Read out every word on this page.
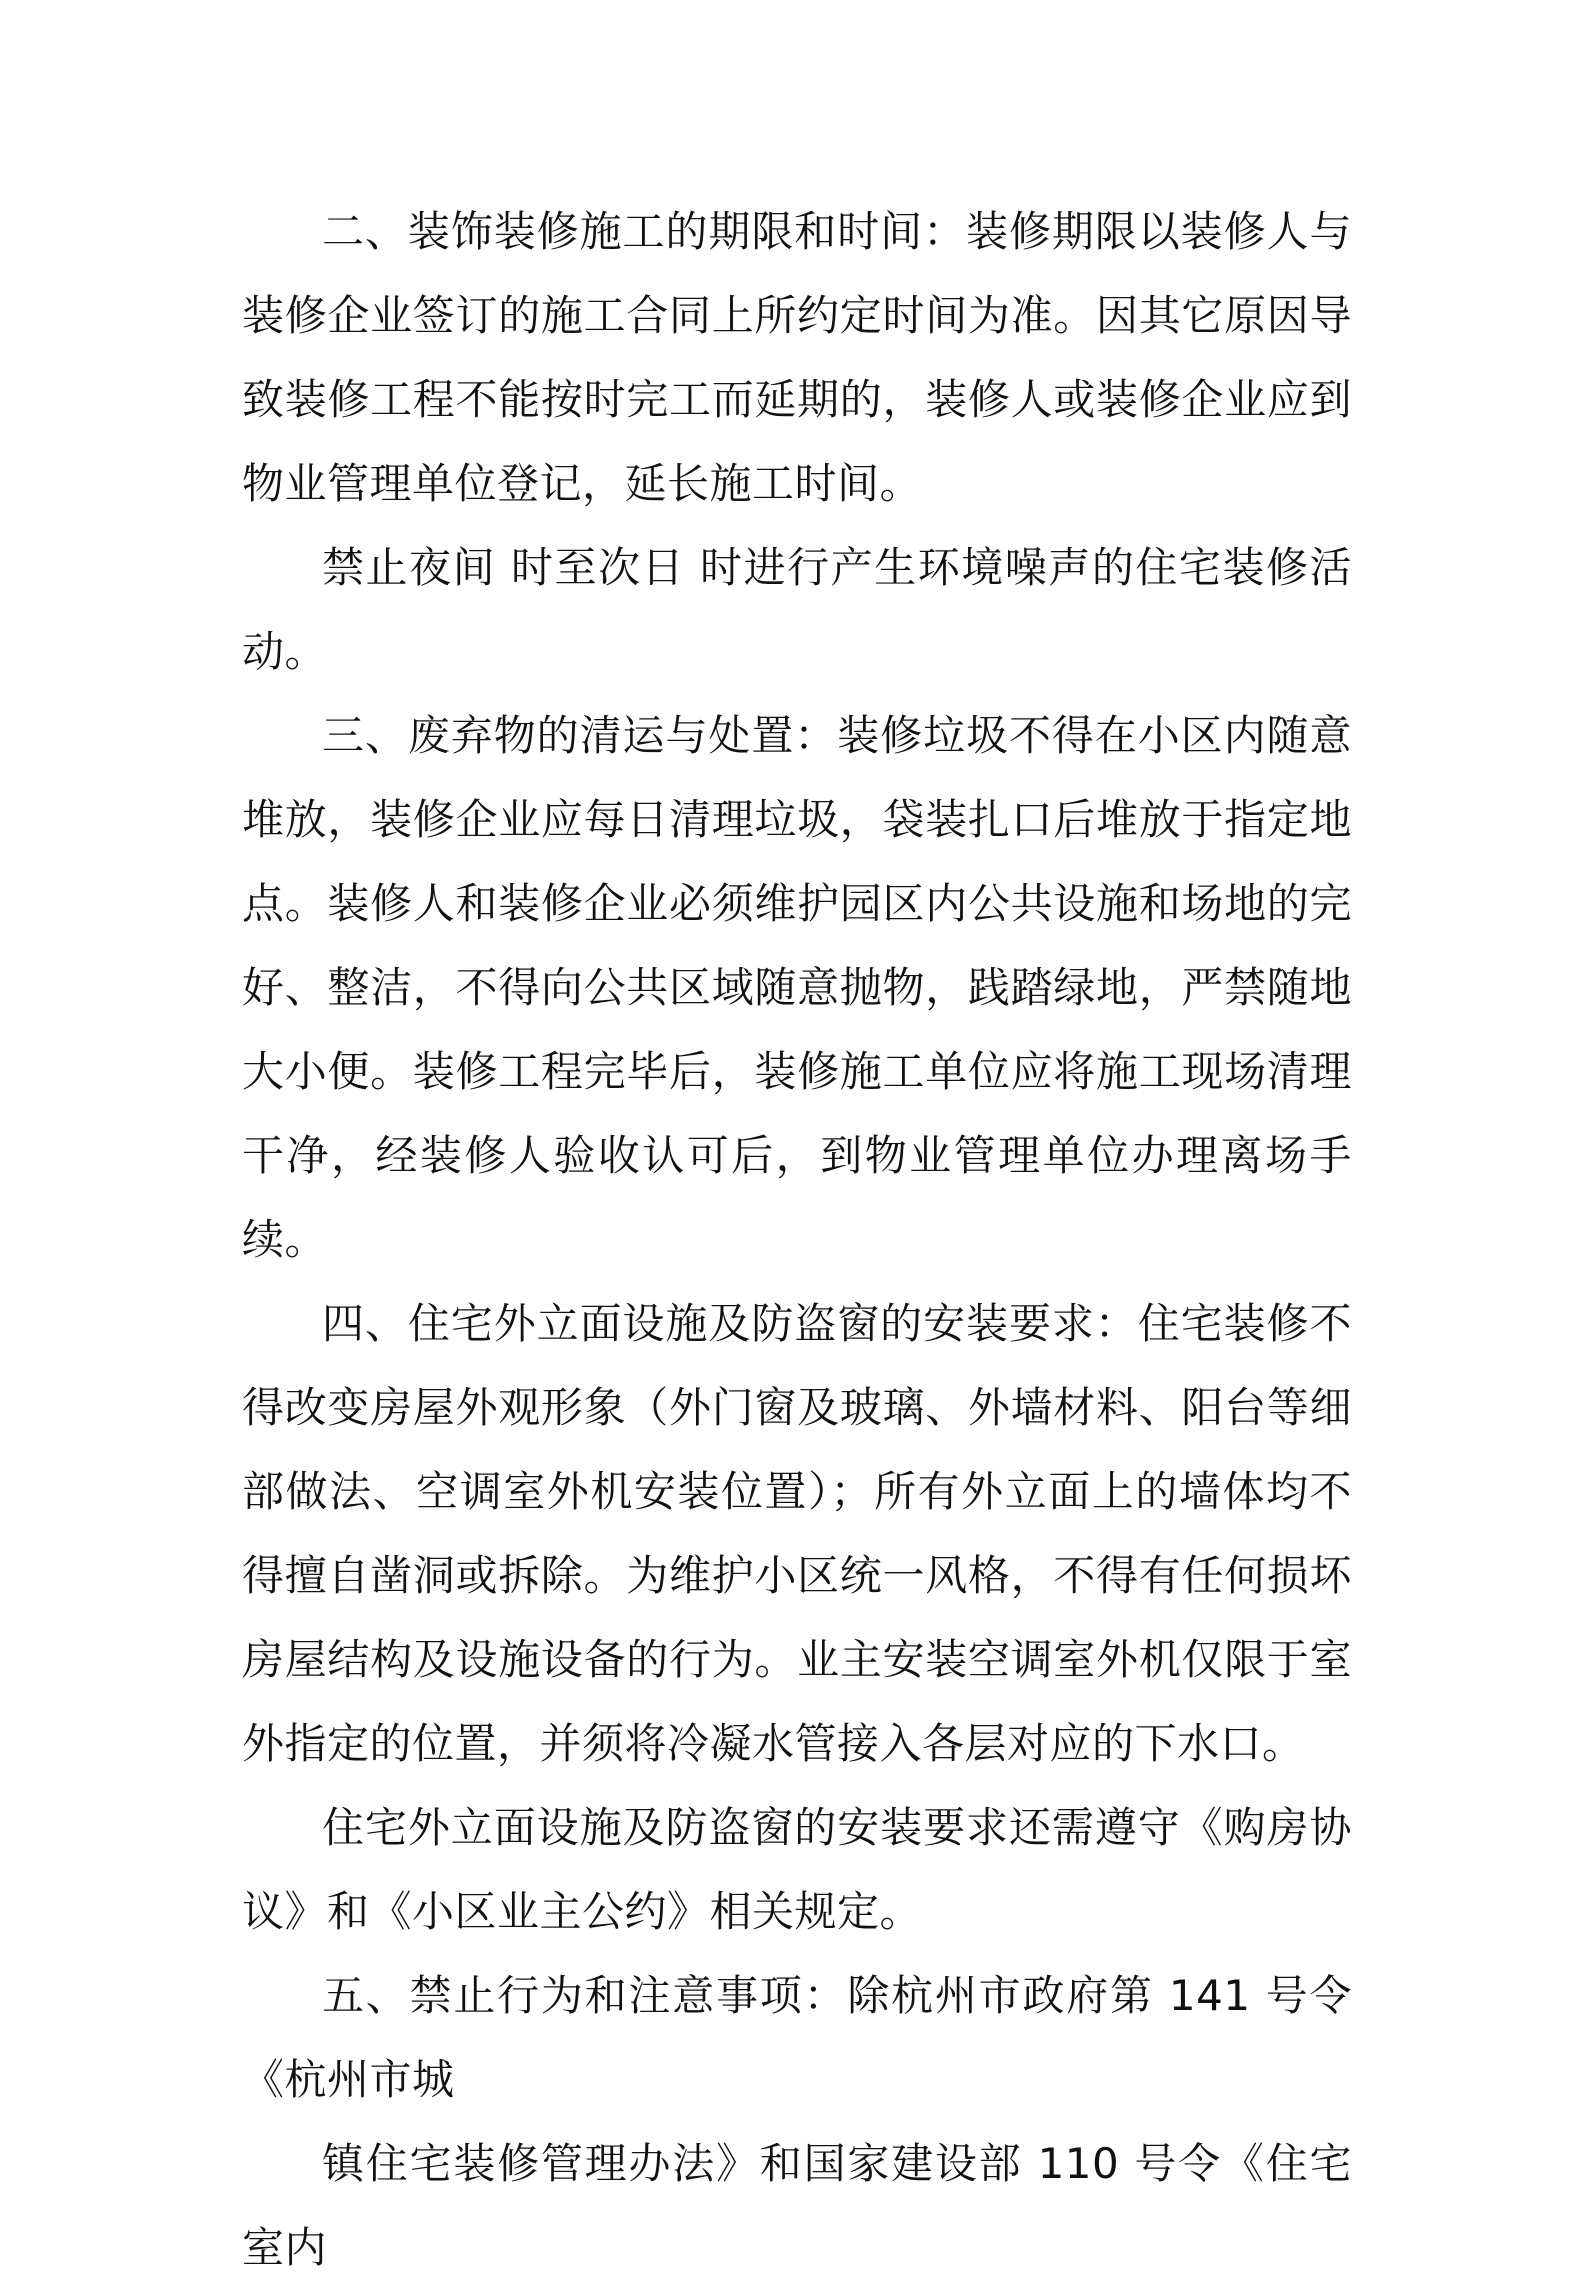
二、装饰装修施工的期限和时间：装修期限以装修人与装修企业签订的施工合同上所约定时间为准。因其它原因导致装修工程不能按时完工而延期的，装修人或装修企业应到物业管理单位登记，延长施工时间。

禁止夜间 时至次日 时进行产生环境噪声的住宅装修活动。

三、废弃物的清运与处置：装修垃圾不得在小区内随意堆放，装修企业应每日清理垃圾，袋装扎口后堆放于指定地点。装修人和装修企业必须维护园区内公共设施和场地的完好、整洁，不得向公共区域随意抛物，践踏绿地，严禁随地大小便。装修工程完毕后，装修施工单位应将施工现场清理干净，经装修人验收认可后，到物业管理单位办理离场手续。

四、住宅外立面设施及防盗窗的安装要求：住宅装修不得改变房屋外观形象（外门窗及玻璃、外墙材料、阳台等细部做法、空调室外机安装位置）；所有外立面上的墙体均不得擅自凿洞或拆除。为维护小区统一风格，不得有任何损坏房屋结构及设施设备的行为。业主安装空调室外机仅限于室外指定的位置，并须将冷凝水管接入各层对应的下水口。

住宅外立面设施及防盗窗的安装要求还需遵守《购房协议》和《小区业主公约》相关规定。

五、禁止行为和注意事项：除杭州市政府第 141 号令《杭州市城

镇住宅装修管理办法》和国家建设部 110 号令《住宅室内
